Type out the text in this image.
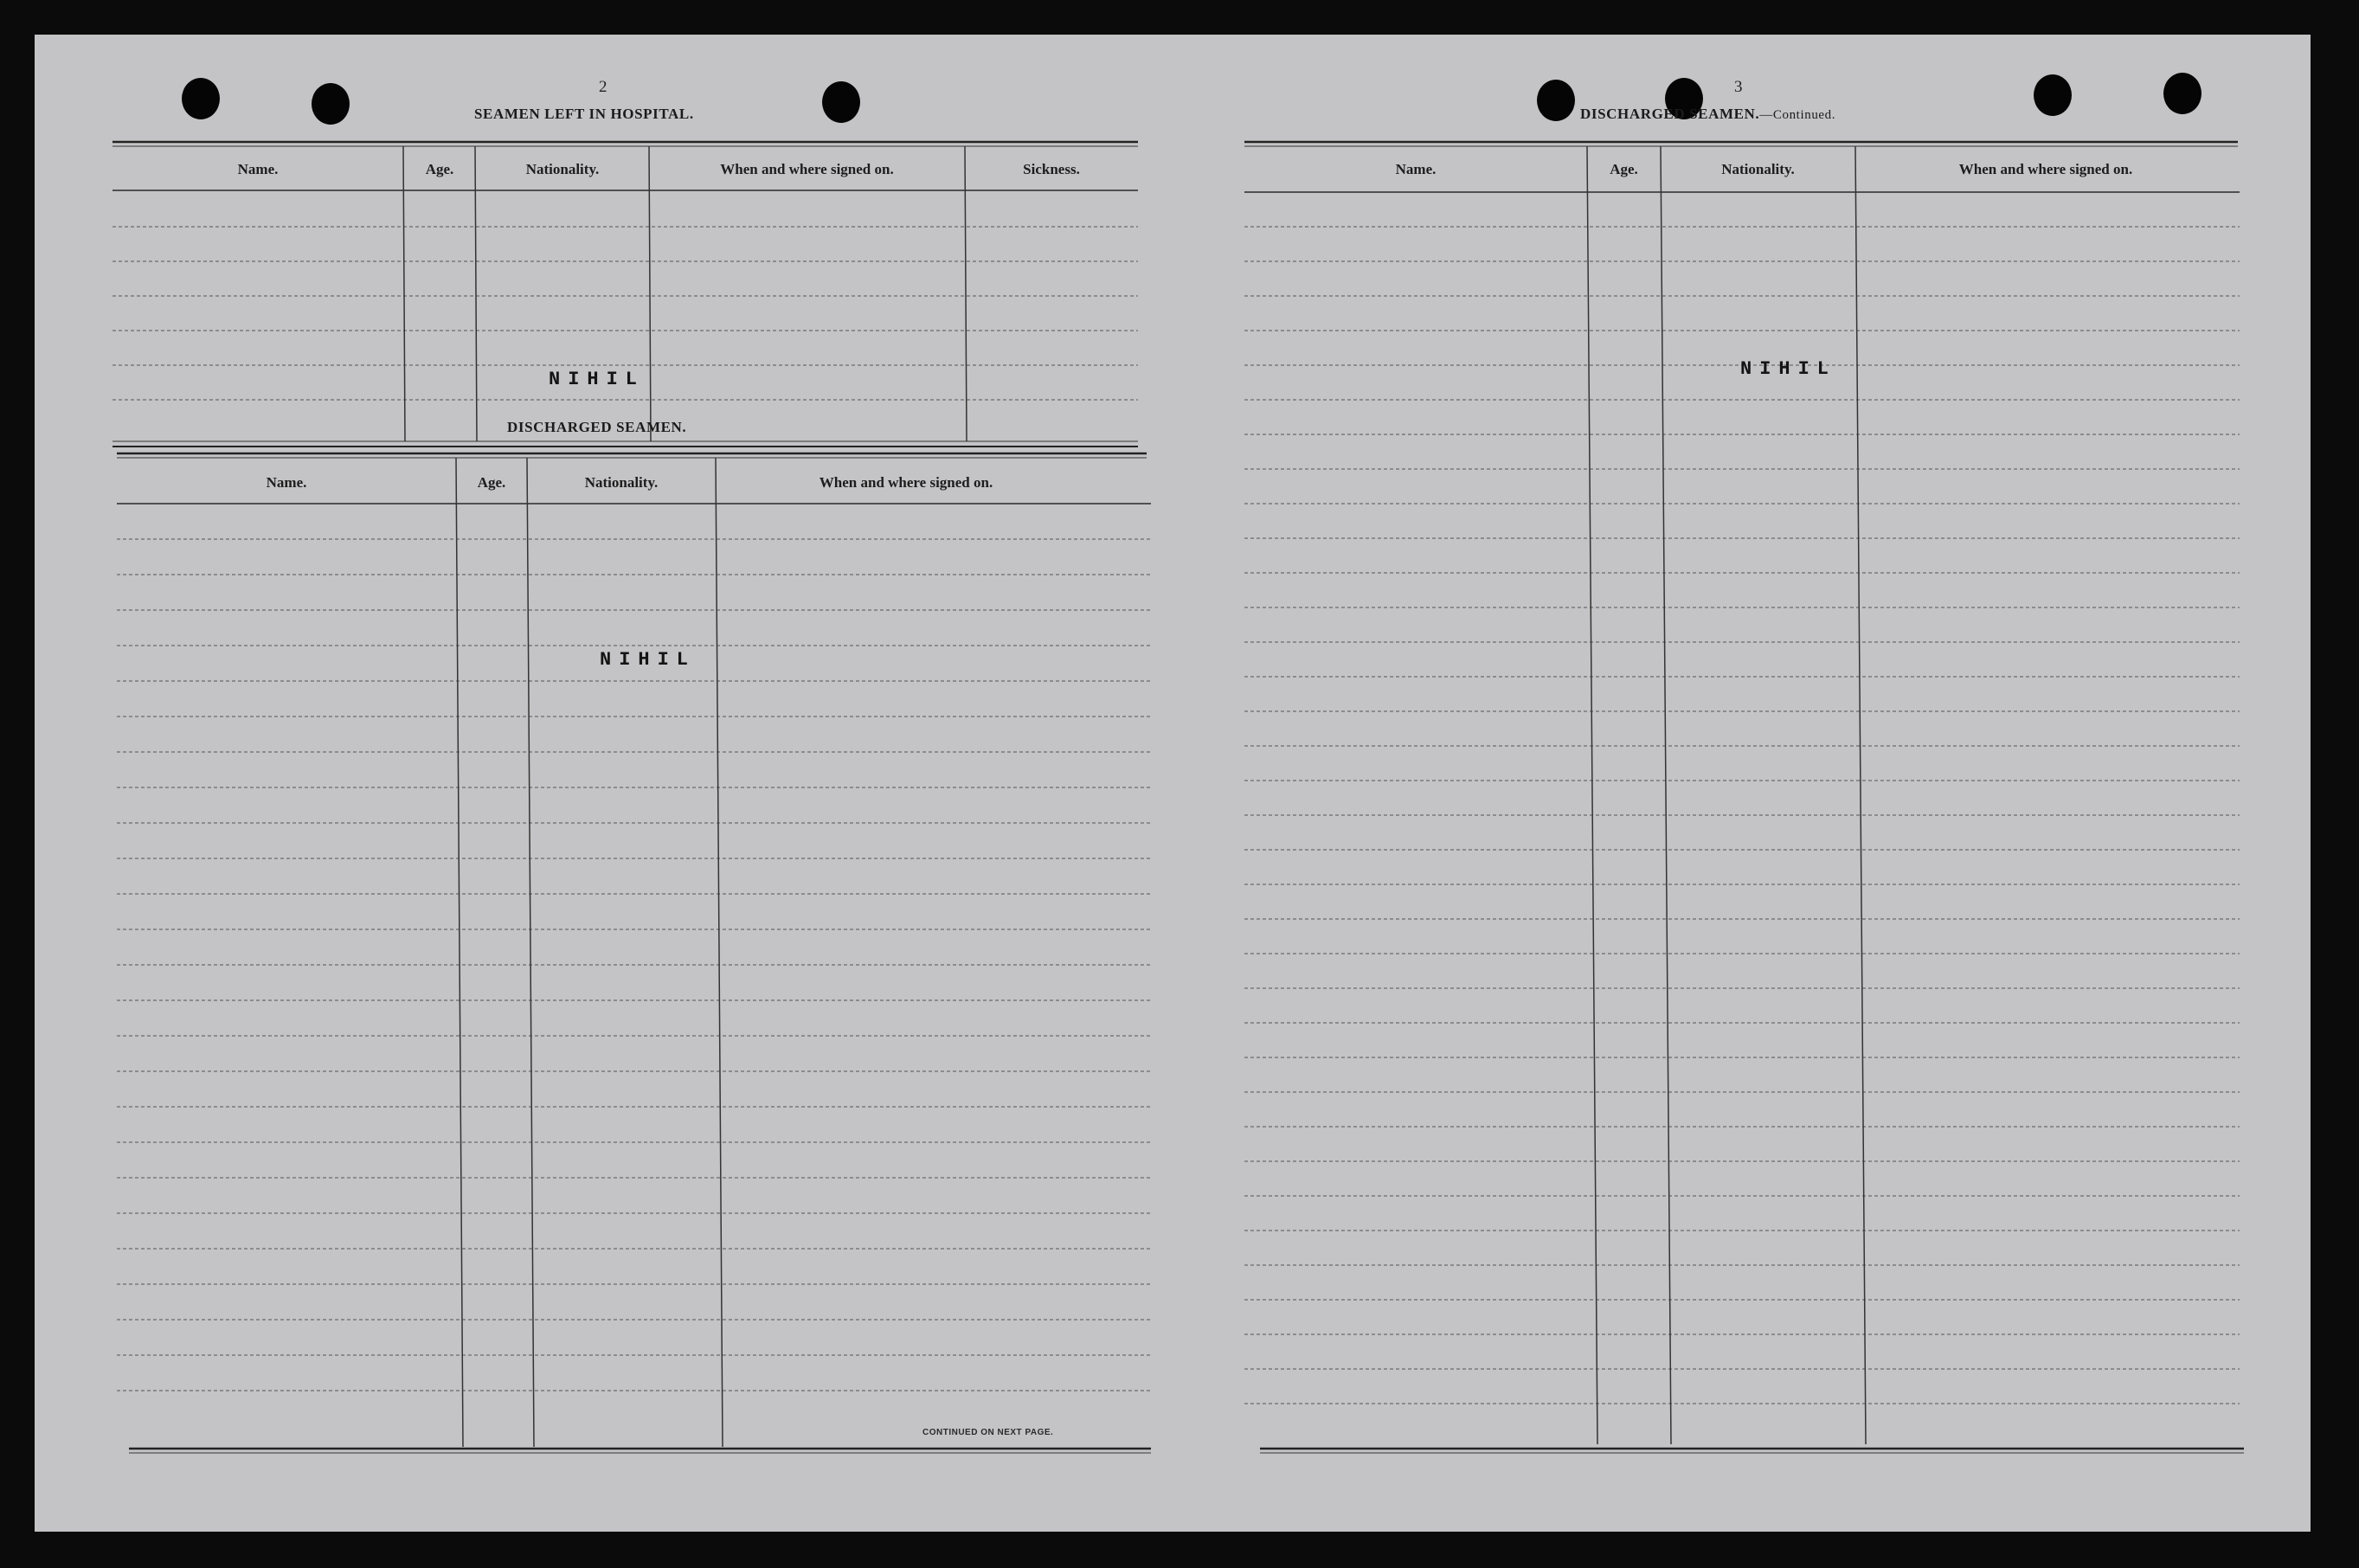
2
SEAMEN LEFT IN HOSPITAL.
Name.	Age.	Nationality.	When and where signed on.	Sickness.
NIHIL
DISCHARGED SEAMEN.
Name.	Age.	Nationality.	When and where signed on.
NIHIL
CONTINUED ON NEXT PAGE.
3
DISCHARGED SEAMEN.—Continued.
Name.	Age.	Nationality.	When and where signed on.
NIHIL
